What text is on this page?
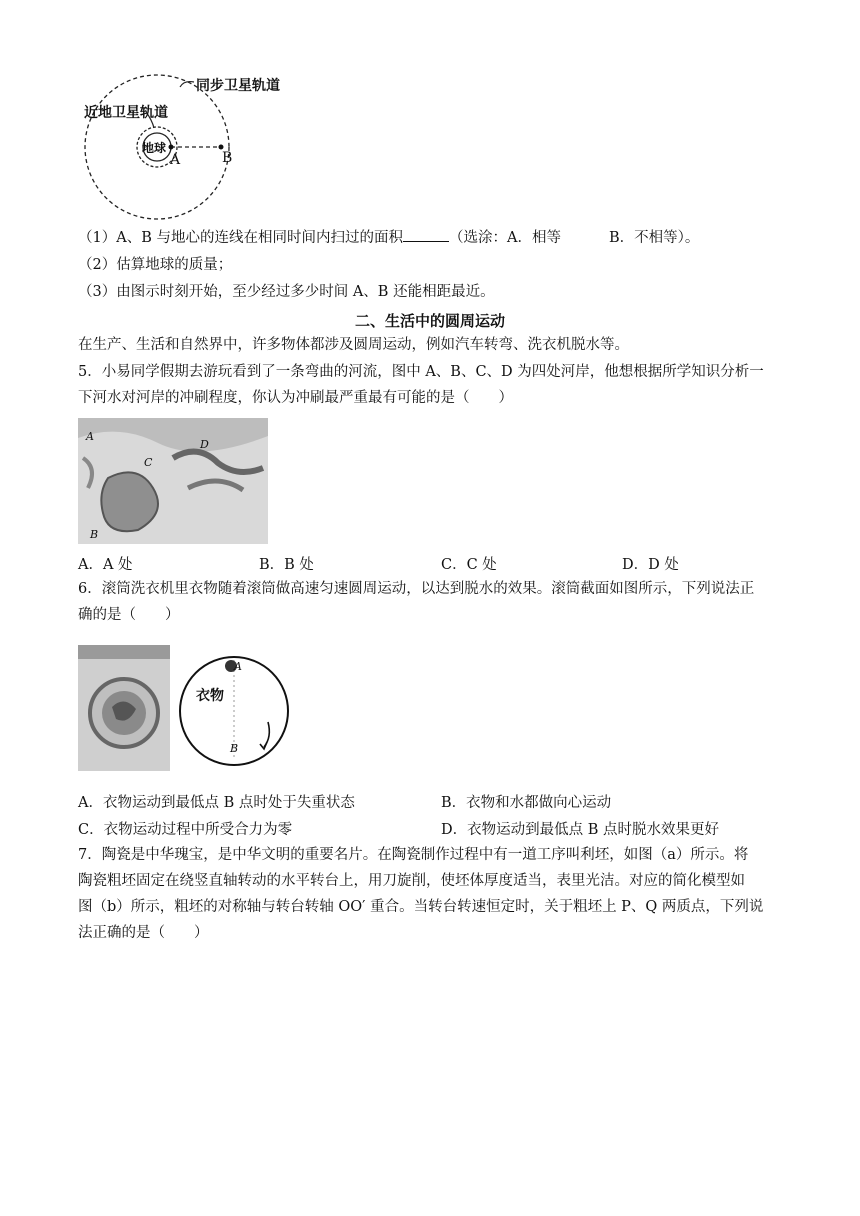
同步卫星轨道
近地卫星轨道
地球
A	B
（1）A、B 与地心的连线在相同时间内扫过的面积	（选涂：A．相等	B．不相等）。
（2）估算地球的质量；
（3）由图示时刻开始，至少经过多少时间 A、B 还能相距最近。
二、生活中的圆周运动
在生产、生活和自然界中，许多物体都涉及圆周运动，例如汽车转弯、洗衣机脱水等。
5．小易同学假期去游玩看到了一条弯曲的河流，图中 A、B、C、D 为四处河岸，他想根据所学知识分析一
下河水对河岸的冲刷程度，你认为冲刷最严重最有可能的是（　　）
A
B
C
D
A．A 处	B．B 处	C．C 处	D．D 处
6．滚筒洗衣机里衣物随着滚筒做高速匀速圆周运动，以达到脱水的效果。滚筒截面如图所示，下列说法正
确的是（　　）
衣物
A
B
A．衣物运动到最低点 B 点时处于失重状态	B．衣物和水都做向心运动
C．衣物运动过程中所受合力为零	D．衣物运动到最低点 B 点时脱水效果更好
7．陶瓷是中华瑰宝，是中华文明的重要名片。在陶瓷制作过程中有一道工序叫利坯，如图（a）所示。将
陶瓷粗坯固定在绕竖直轴转动的水平转台上，用刀旋削，使坯体厚度适当，表里光洁。对应的简化模型如
图（b）所示，粗坯的对称轴与转台转轴 OO′ 重合。当转台转速恒定时，关于粗坯上 P、Q 两质点，下列说
法正确的是（　　）
